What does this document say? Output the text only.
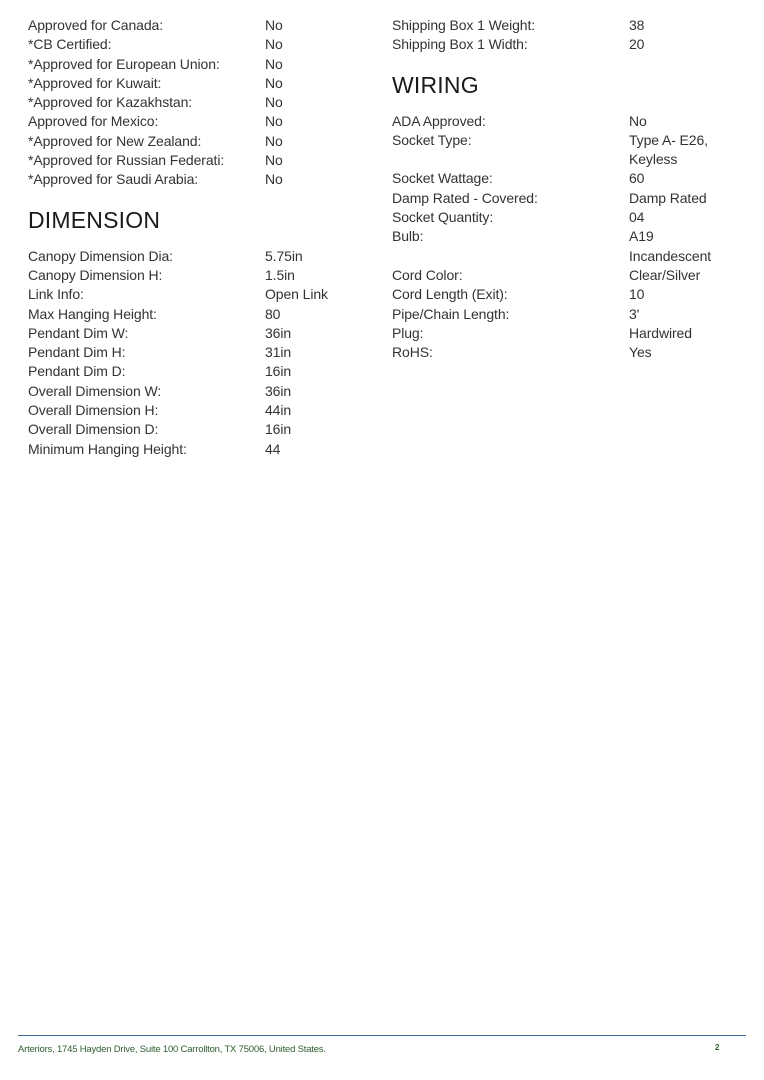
Approved for Canada:	No
*CB Certified:	No
*Approved for European Union:	No
*Approved for Kuwait:	No
*Approved for Kazakhstan:	No
Approved for Mexico:	No
*Approved for New Zealand:	No
*Approved for Russian Federati:	No
*Approved for Saudi Arabia:	No
DIMENSION
Canopy Dimension Dia:	5.75in
Canopy Dimension H:	1.5in
Link Info:	Open Link
Max Hanging Height:	80
Pendant Dim W:	36in
Pendant Dim H:	31in
Pendant Dim D:	16in
Overall Dimension W:	36in
Overall Dimension H:	44in
Overall Dimension D:	16in
Minimum Hanging Height:	44
Shipping Box 1 Weight:	38
Shipping Box 1 Width:	20
WIRING
ADA Approved:	No
Socket Type:	Type A- E26,
Keyless
Socket Wattage:	60
Damp Rated - Covered:	Damp Rated
Socket Quantity:	04
Bulb:	A19
Incandescent
Cord Color:	Clear/Silver
Cord Length (Exit):	10
Pipe/Chain Length:	3'
Plug:	Hardwired
RoHS:	Yes
Arteriors, 1745 Hayden Drive, Suite 100 Carrollton, TX 75006, United States.	2
